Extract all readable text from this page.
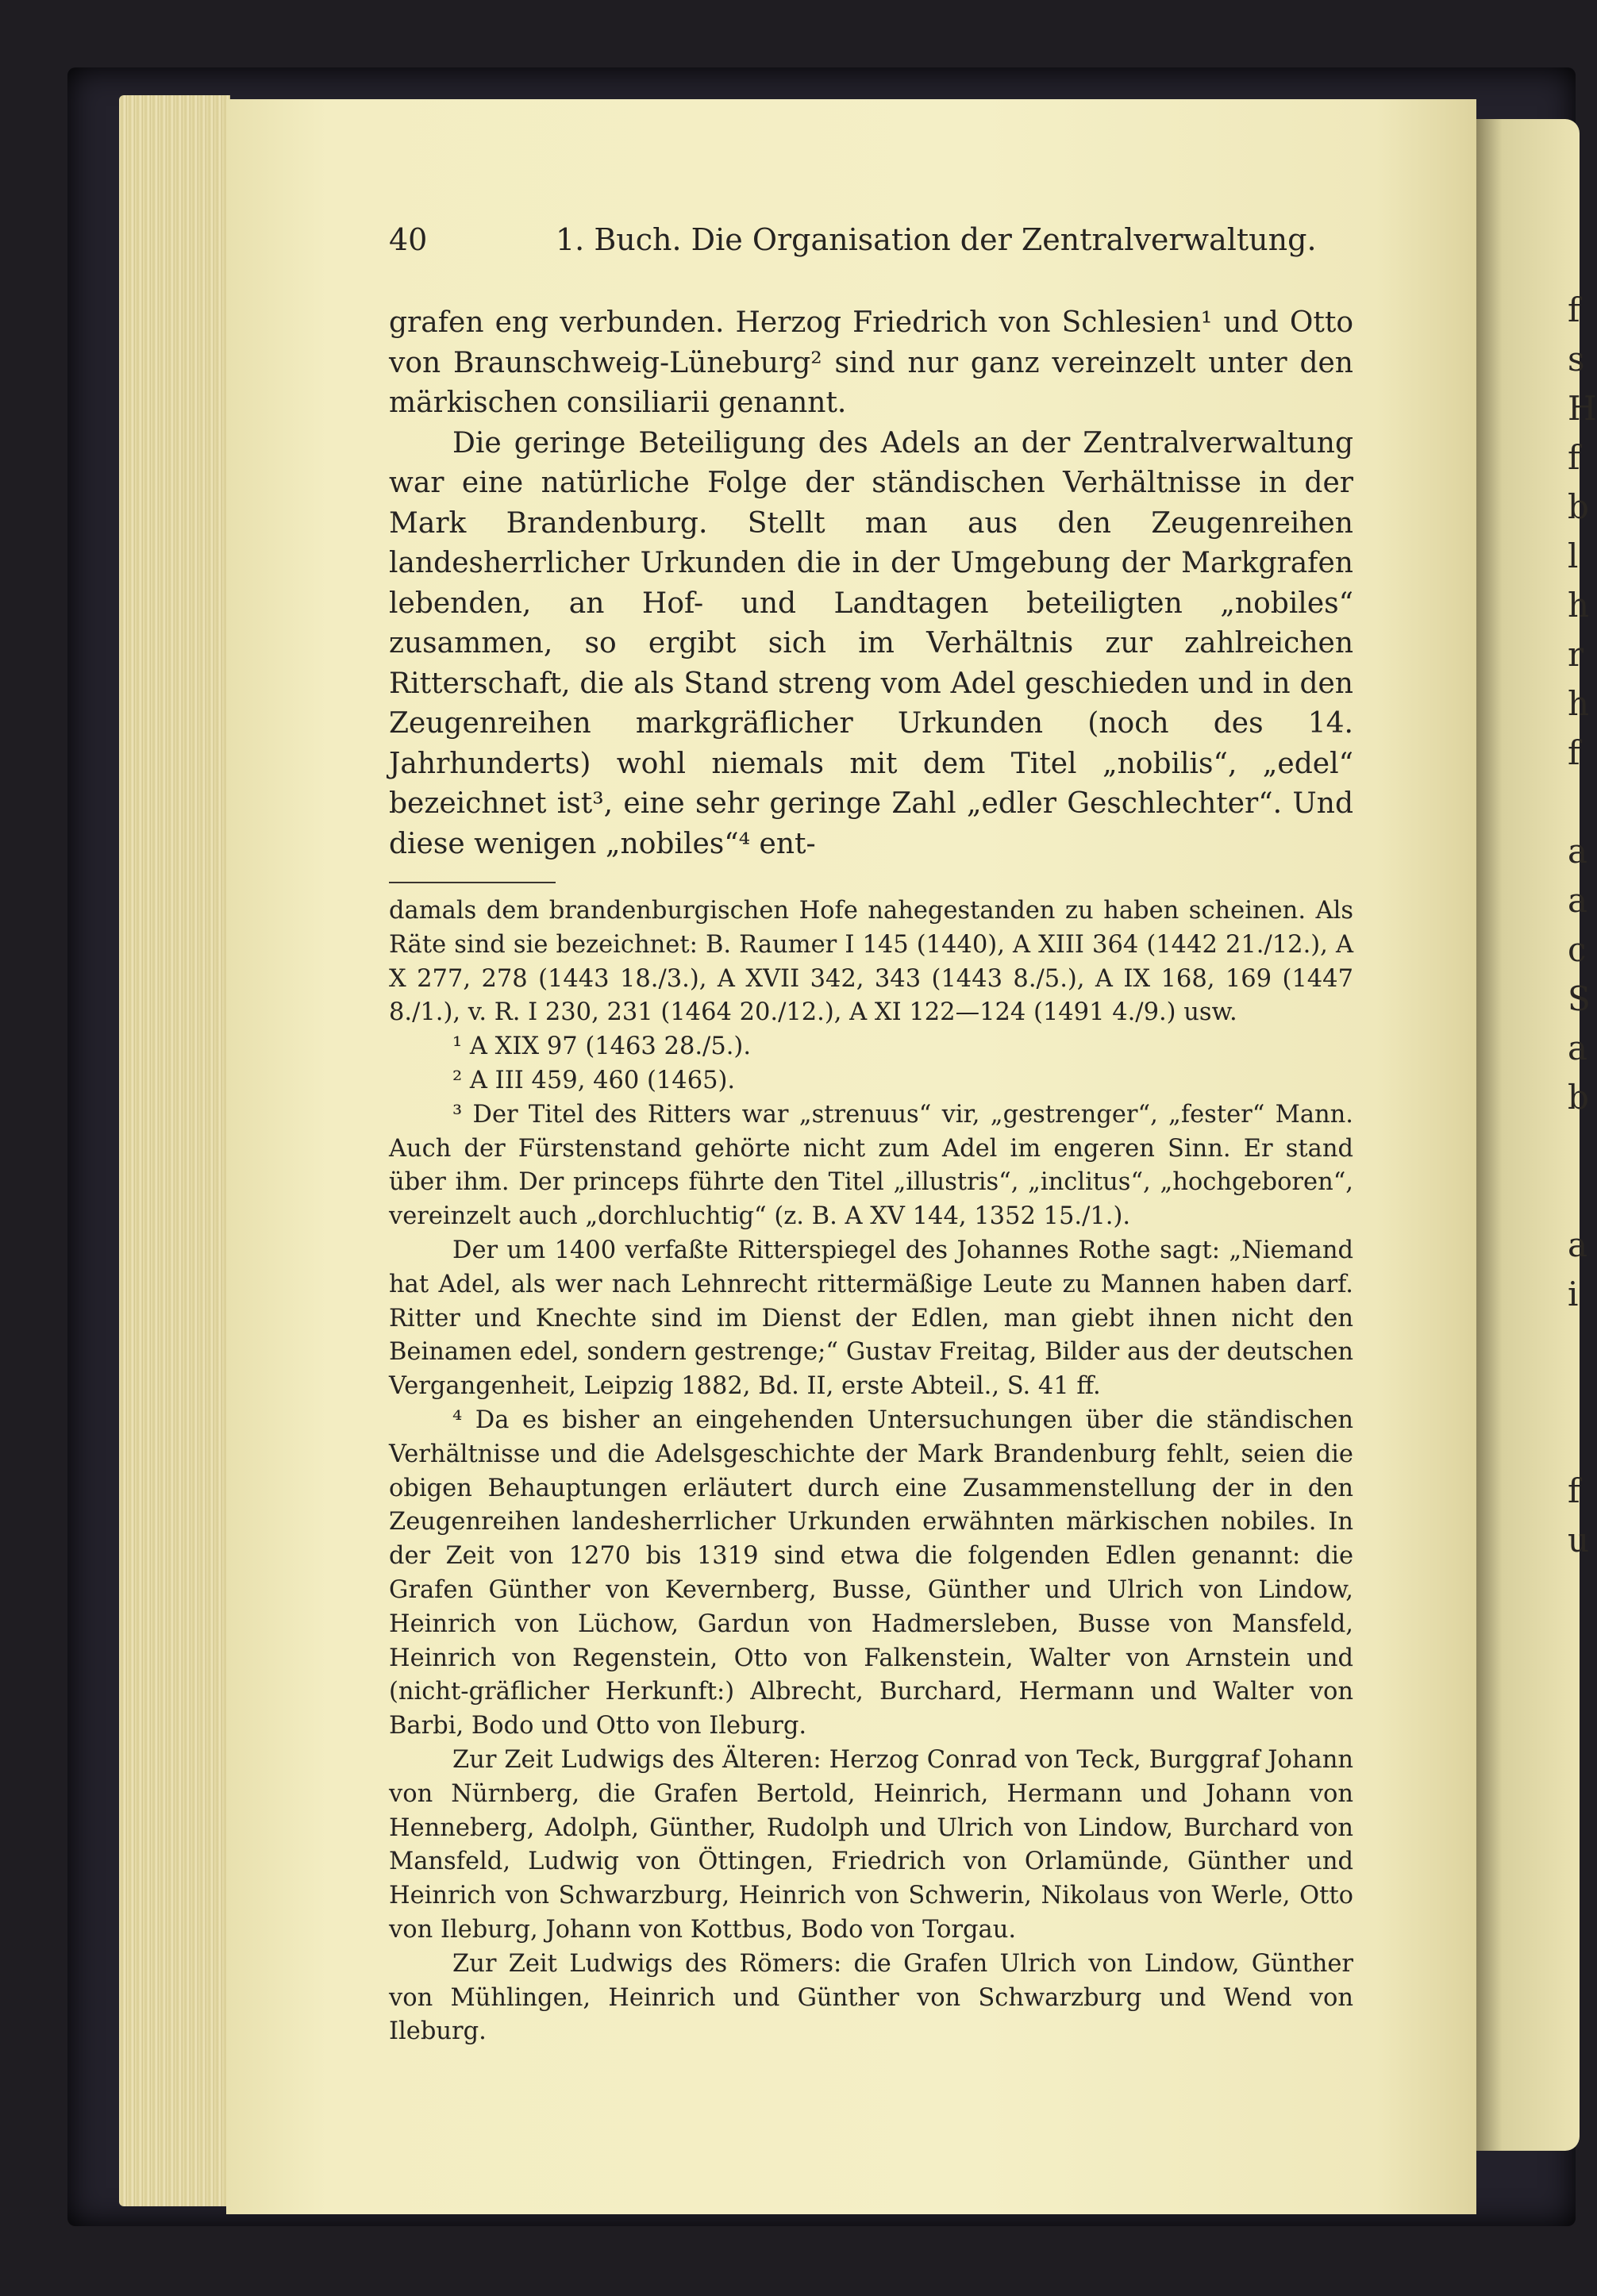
f
s
H
f
b
l
h
r
h
f

a
a
c
S
a
b

a
i

f
u
40	1. Buch. Die Organisation der Zentralverwaltung.

grafen eng verbunden. Herzog Friedrich von Schlesien¹ und Otto von Braunschweig-Lüneburg² sind nur ganz vereinzelt unter den märkischen consiliarii genannt.

Die geringe Beteiligung des Adels an der Zentralverwaltung war eine natürliche Folge der ständischen Verhältnisse in der Mark Brandenburg. Stellt man aus den Zeugenreihen landesherrlicher Urkunden die in der Umgebung der Markgrafen lebenden, an Hof- und Landtagen beteiligten „nobiles“ zusammen, so ergibt sich im Verhältnis zur zahlreichen Ritterschaft, die als Stand streng vom Adel geschieden und in den Zeugenreihen markgräflicher Urkunden (noch des 14. Jahrhunderts) wohl niemals mit dem Titel „nobilis“, „edel“ bezeichnet ist³, eine sehr geringe Zahl „edler Geschlechter“. Und diese wenigen „nobiles“⁴ ent-

damals dem brandenburgischen Hofe nahegestanden zu haben scheinen. Als Räte sind sie bezeichnet: B. Raumer I 145 (1440), A XIII 364 (1442 21./12.), A X 277, 278 (1443 18./3.), A XVII 342, 343 (1443 8./5.), A IX 168, 169 (1447 8./1.), v. R. I 230, 231 (1464 20./12.), A XI 122—124 (1491 4./9.) usw.

¹ A XIX 97 (1463 28./5.).

² A III 459, 460 (1465).

³ Der Titel des Ritters war „strenuus“ vir, „gestrenger“, „fester“ Mann. Auch der Fürstenstand gehörte nicht zum Adel im engeren Sinn. Er stand über ihm. Der princeps führte den Titel „illustris“, „inclitus“, „hochgeboren“, vereinzelt auch „dorchluchtig“ (z. B. A XV 144, 1352 15./1.).

Der um 1400 verfaßte Ritterspiegel des Johannes Rothe sagt: „Niemand hat Adel, als wer nach Lehnrecht rittermäßige Leute zu Mannen haben darf. Ritter und Knechte sind im Dienst der Edlen, man giebt ihnen nicht den Beinamen edel, sondern gestrenge;“ Gustav Freitag, Bilder aus der deutschen Vergangenheit, Leipzig 1882, Bd. II, erste Abteil., S. 41 ff.

⁴ Da es bisher an eingehenden Untersuchungen über die ständischen Verhältnisse und die Adelsgeschichte der Mark Brandenburg fehlt, seien die obigen Behauptungen erläutert durch eine Zusammenstellung der in den Zeugenreihen landesherrlicher Urkunden erwähnten märkischen nobiles. In der Zeit von 1270 bis 1319 sind etwa die folgenden Edlen genannt: die Grafen Günther von Kevernberg, Busse, Günther und Ulrich von Lindow, Heinrich von Lüchow, Gardun von Hadmersleben, Busse von Mansfeld, Heinrich von Regenstein, Otto von Falkenstein, Walter von Arnstein und (nicht-gräflicher Herkunft:) Albrecht, Burchard, Hermann und Walter von Barbi, Bodo und Otto von Ileburg.

Zur Zeit Ludwigs des Älteren: Herzog Conrad von Teck, Burggraf Johann von Nürnberg, die Grafen Bertold, Heinrich, Hermann und Johann von Henneberg, Adolph, Günther, Rudolph und Ulrich von Lindow, Burchard von Mansfeld, Ludwig von Öttingen, Friedrich von Orlamünde, Günther und Heinrich von Schwarzburg, Heinrich von Schwerin, Nikolaus von Werle, Otto von Ileburg, Johann von Kottbus, Bodo von Torgau.

Zur Zeit Ludwigs des Römers: die Grafen Ulrich von Lindow, Günther von Mühlingen, Heinrich und Günther von Schwarzburg und Wend von Ileburg.
